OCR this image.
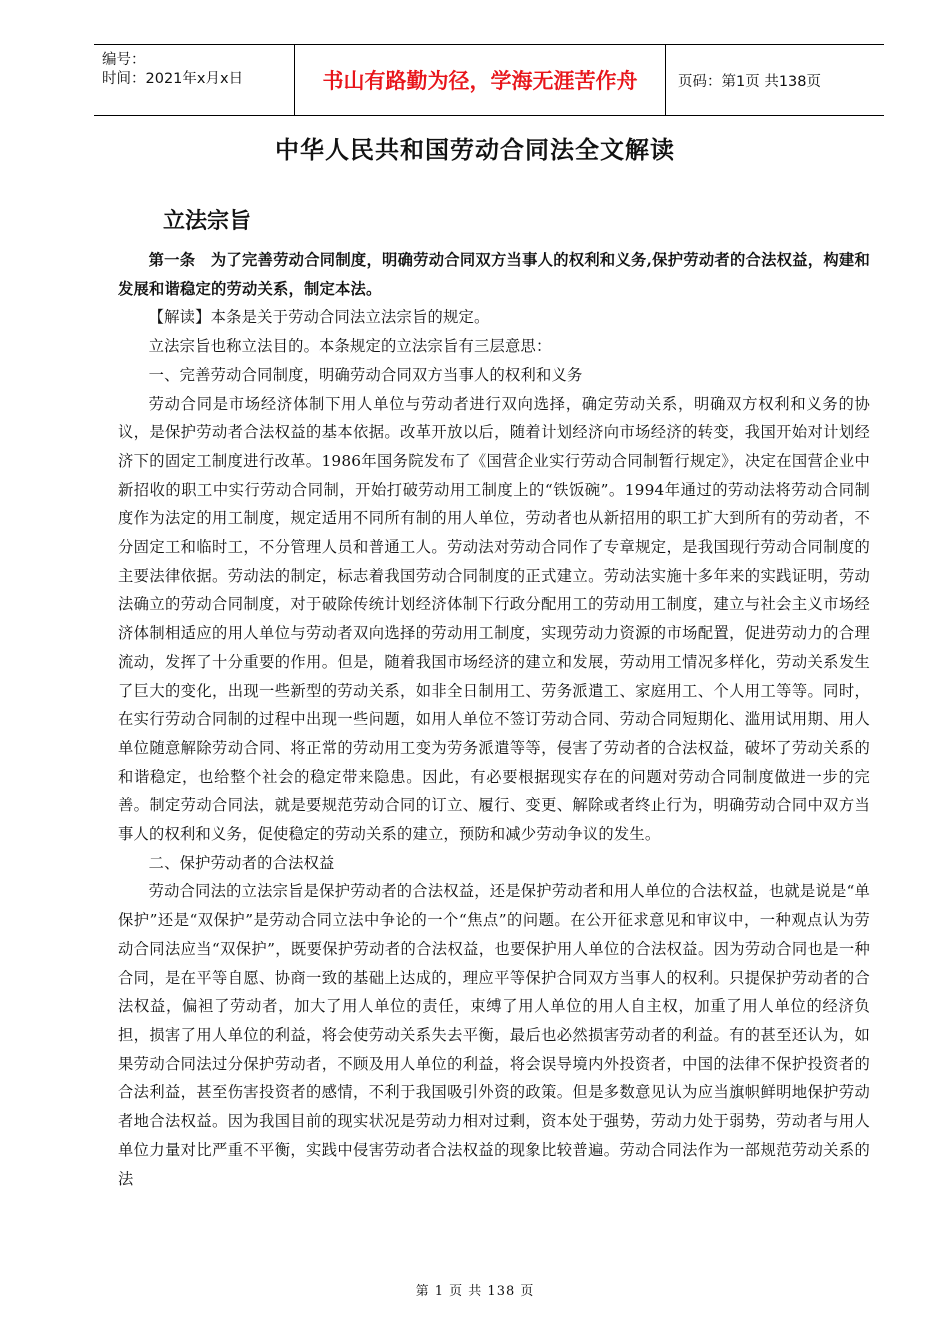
编号：
时间：2021年x月x日	书山有路勤为径，学海无涯苦作舟	页码：第1页 共138页
中华人民共和国劳动合同法全文解读
立法宗旨

第一条　为了完善劳动合同制度，明确劳动合同双方当事人的权利和义务,保护劳动者的合法权益，构建和发展和谐稳定的劳动关系，制定本法。

【解读】本条是关于劳动合同法立法宗旨的规定。

立法宗旨也称立法目的。本条规定的立法宗旨有三层意思：

一、完善劳动合同制度，明确劳动合同双方当事人的权利和义务

劳动合同是市场经济体制下用人单位与劳动者进行双向选择，确定劳动关系，明确双方权利和义务的协议，是保护劳动者合法权益的基本依据。改革开放以后，随着计划经济向市场经济的转变，我国开始对计划经济下的固定工制度进行改革。1986年国务院发布了《国营企业实行劳动合同制暂行规定》，决定在国营企业中新招收的职工中实行劳动合同制，开始打破劳动用工制度上的“铁饭碗”。1994年通过的劳动法将劳动合同制度作为法定的用工制度，规定适用不同所有制的用人单位，劳动者也从新招用的职工扩大到所有的劳动者，不分固定工和临时工，不分管理人员和普通工人。劳动法对劳动合同作了专章规定，是我国现行劳动合同制度的主要法律依据。劳动法的制定，标志着我国劳动合同制度的正式建立。劳动法实施十多年来的实践证明，劳动法确立的劳动合同制度，对于破除传统计划经济体制下行政分配用工的劳动用工制度，建立与社会主义市场经济体制相适应的用人单位与劳动者双向选择的劳动用工制度，实现劳动力资源的市场配置，促进劳动力的合理流动，发挥了十分重要的作用。但是，随着我国市场经济的建立和发展，劳动用工情况多样化，劳动关系发生了巨大的变化，出现一些新型的劳动关系，如非全日制用工、劳务派遣工、家庭用工、个人用工等等。同时，在实行劳动合同制的过程中出现一些问题，如用人单位不签订劳动合同、劳动合同短期化、滥用试用期、用人单位随意解除劳动合同、将正常的劳动用工变为劳务派遣等等，侵害了劳动者的合法权益，破坏了劳动关系的和谐稳定，也给整个社会的稳定带来隐患。因此，有必要根据现实存在的问题对劳动合同制度做进一步的完善。制定劳动合同法，就是要规范劳动合同的订立、履行、变更、解除或者终止行为，明确劳动合同中双方当事人的权利和义务，促使稳定的劳动关系的建立，预防和减少劳动争议的发生。

二、保护劳动者的合法权益

劳动合同法的立法宗旨是保护劳动者的合法权益，还是保护劳动者和用人单位的合法权益，也就是说是“单保护”还是“双保护”是劳动合同立法中争论的一个“焦点”的问题。在公开征求意见和审议中，一种观点认为劳动合同法应当“双保护”，既要保护劳动者的合法权益，也要保护用人单位的合法权益。因为劳动合同也是一种合同，是在平等自愿、协商一致的基础上达成的，理应平等保护合同双方当事人的权利。只提保护劳动者的合法权益，偏袒了劳动者，加大了用人单位的责任，束缚了用人单位的用人自主权，加重了用人单位的经济负担，损害了用人单位的利益，将会使劳动关系失去平衡，最后也必然损害劳动者的利益。有的甚至还认为，如果劳动合同法过分保护劳动者，不顾及用人单位的利益，将会误导境内外投资者，中国的法律不保护投资者的合法利益，甚至伤害投资者的感情，不利于我国吸引外资的政策。但是多数意见认为应当旗帜鲜明地保护劳动者地合法权益。因为我国目前的现实状况是劳动力相对过剩，资本处于强势，劳动力处于弱势，劳动者与用人单位力量对比严重不平衡，实践中侵害劳动者合法权益的现象比较普遍。劳动合同法作为一部规范劳动关系的法

第 1 页 共 138 页
